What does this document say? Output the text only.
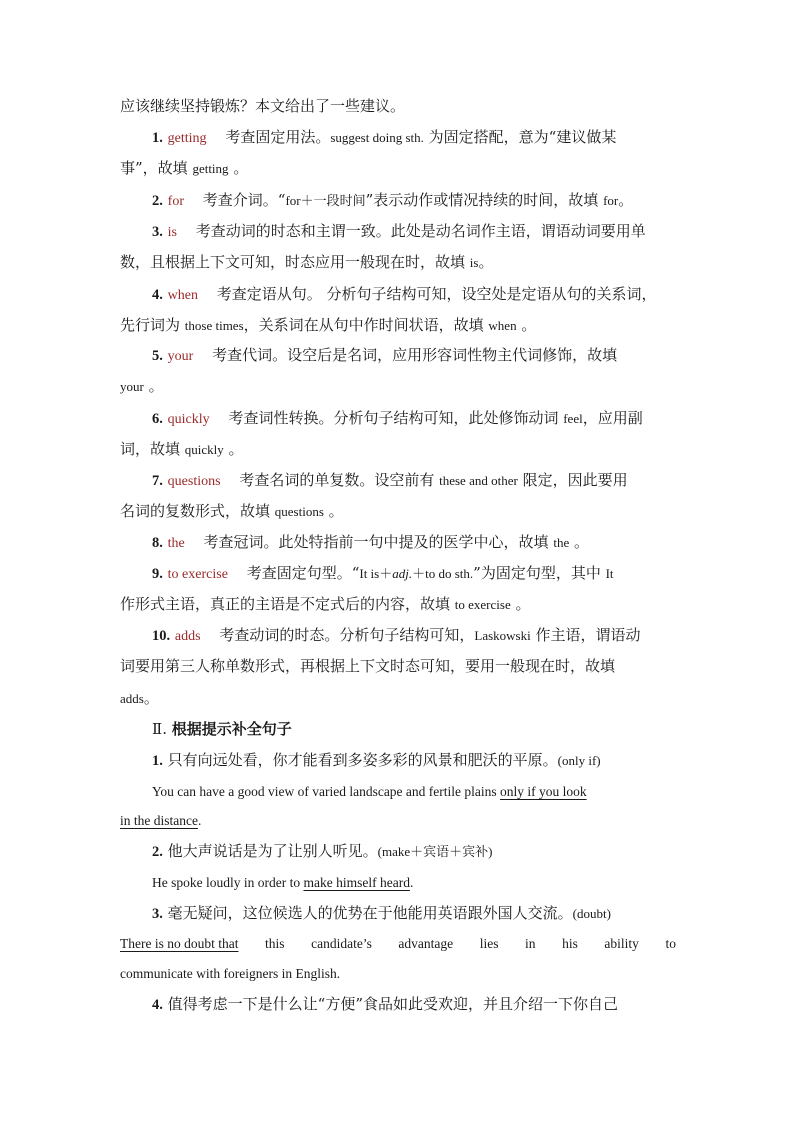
应该继续坚持锻炼？本文给出了一些建议。
1. getting 考查固定用法。suggest doing sth. 为固定搭配，意为“建议做某
事”，故填 getting 。
2. for 考查介词。“for＋一段时间”表示动作或情况持续的时间，故填 for。
3. is 考查动词的时态和主谓一致。此处是动名词作主语，谓语动词要用单
数，且根据上下文可知，时态应用一般现在时，故填 is。
4. when 考查定语从句。 分析句子结构可知，设空处是定语从句的关系词，
先行词为 those times，关系词在从句中作时间状语，故填 when 。
5. your 考查代词。设空后是名词，应用形容词性物主代词修饰，故填
your 。
6. quickly 考查词性转换。分析句子结构可知，此处修饰动词 feel，应用副
词，故填 quickly 。
7. questions 考查名词的单复数。设空前有 these and other 限定，因此要用
名词的复数形式，故填 questions 。
8. the 考查冠词。此处特指前一句中提及的医学中心，故填 the 。
9. to exercise 考查固定句型。“It is＋adj.＋to do sth.”为固定句型，其中 It
作形式主语，真正的主语是不定式后的内容，故填 to exercise 。
10. adds 考查动词的时态。分析句子结构可知，Laskowski 作主语，谓语动
词要用第三人称单数形式，再根据上下文时态可知，要用一般现在时，故填
adds。
Ⅱ. 根据提示补全句子
1. 只有向远处看，你才能看到多姿多彩的风景和肥沃的平原。(only if)
You can have a good view of varied landscape and fertile plains only if you look
in the distance.
2. 他大声说话是为了让别人听见。(make＋宾语＋宾补)
He spoke loudly in order to make himself heard.
3. 毫无疑问，这位候选人的优势在于他能用英语跟外国人交流。(doubt)
There is no doubt that this candidate’s advantage lies in his ability to
communicate with foreigners in English.
4. 值得考虑一下是什么让“方便”食品如此受欢迎，并且介绍一下你自己
